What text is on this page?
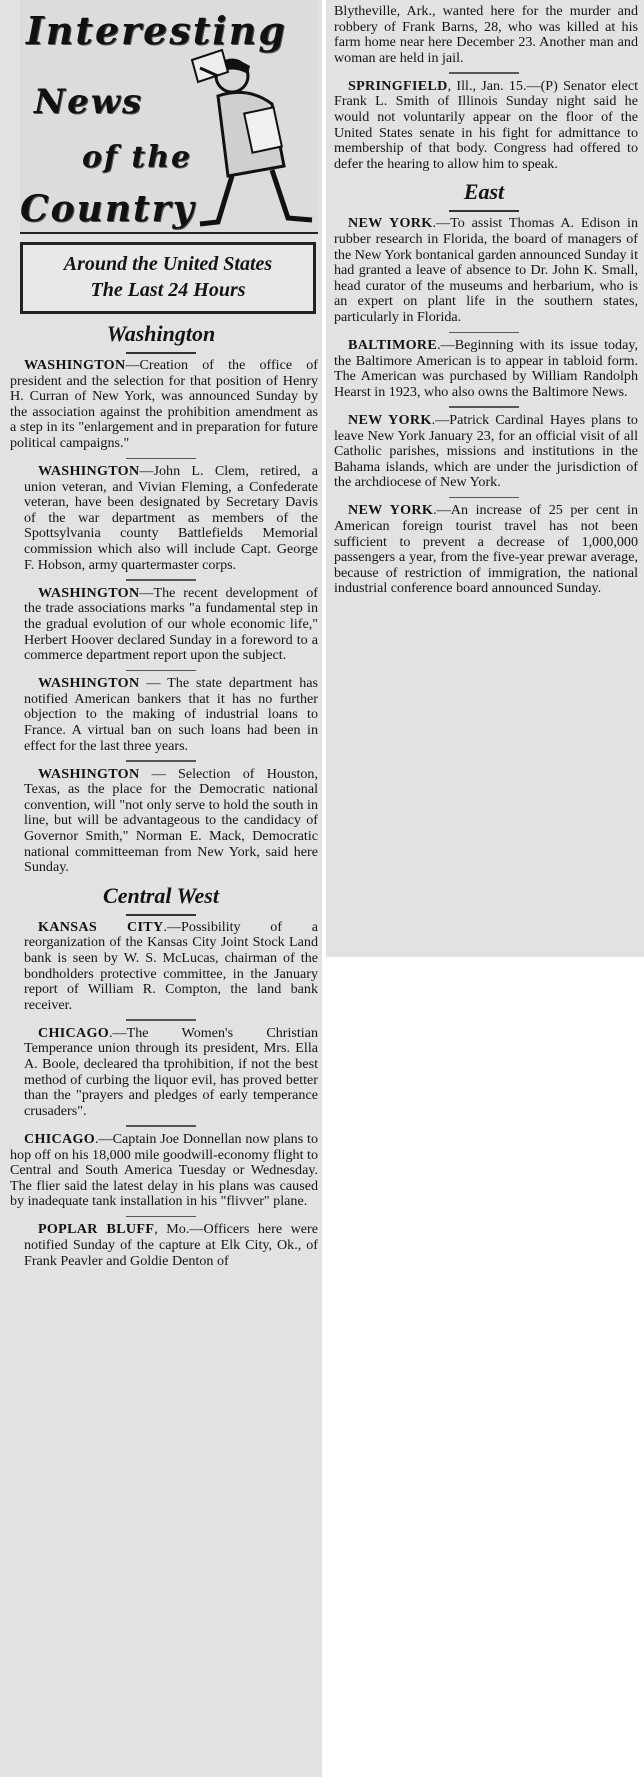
Interesting
News
of the
Country
Around the United States
The Last 24 Hours
Washington

WASHINGTON—Creation of the office of president and the selection for that position of Henry H. Curran of New York, was announced Sunday by the association against the prohibition amendment as a step in its "enlargement and in preparation for future political campaigns."

WASHINGTON—John L. Clem, retired, a union veteran, and Vivian Fleming, a Confederate veteran, have been designated by Secretary Davis of the war department as members of the Spottsylvania county Battlefields Memorial commission which also will include Capt. George F. Hobson, army quartermaster corps.

WASHINGTON—The recent development of the trade associations marks "a fundamental step in the gradual evolution of our whole economic life," Herbert Hoover declared Sunday in a foreword to a commerce department report upon the subject.

WASHINGTON — The state department has notified American bankers that it has no further objection to the making of industrial loans to France. A virtual ban on such loans had been in effect for the last three years.

WASHINGTON — Selection of Houston, Texas, as the place for the Democratic national convention, will "not only serve to hold the south in line, but will be advantageous to the candidacy of Governor Smith," Norman E. Mack, Democratic national committeeman from New York, said here Sunday.

Central West

KANSAS CITY.—Possibility of a reorganization of the Kansas City Joint Stock Land bank is seen by W. S. McLucas, chairman of the bondholders protective committee, in the January report of William R. Compton, the land bank receiver.

CHICAGO.—The Women's Christian Temperance union through its president, Mrs. Ella A. Boole, decleared tha tprohibition, if not the best method of curbing the liquor evil, has proved better than the "prayers and pledges of early temperance crusaders".

CHICAGO.—Captain Joe Donnellan now plans to hop off on his 18,000 mile goodwill-economy flight to Central and South America Tuesday or Wednesday. The flier said the latest delay in his plans was caused by inadequate tank installation in his "flivver" plane.

POPLAR BLUFF, Mo.—Officers here were notified Sunday of the capture at Elk City, Ok., of Frank Peavler and Goldie Denton of

Blytheville, Ark., wanted here for the murder and robbery of Frank Barns, 28, who was killed at his farm home near here December 23. Another man and woman are held in jail.

SPRINGFIELD, Ill., Jan. 15.—(P) Senator elect Frank L. Smith of Illinois Sunday night said he would not voluntarily appear on the floor of the United States senate in his fight for admittance to membership of that body. Congress had offered to defer the hearing to allow him to speak.

East

NEW YORK.—To assist Thomas A. Edison in rubber research in Florida, the board of managers of the New York bontanical garden announced Sunday it had granted a leave of absence to Dr. John K. Small, head curator of the museums and herbarium, who is an expert on plant life in the southern states, particularly in Florida.

BALTIMORE.—Beginning with its issue today, the Baltimore American is to appear in tabloid form. The American was purchased by William Randolph Hearst in 1923, who also owns the Baltimore News.

NEW YORK.—Patrick Cardinal Hayes plans to leave New York January 23, for an official visit of all Catholic parishes, missions and institutions in the Bahama islands, which are under the jurisdiction of the archdiocese of New York.

NEW YORK.—An increase of 25 per cent in American foreign tourist travel has not been sufficient to prevent a decrease of 1,000,000 passengers a year, from the five-year prewar average, because of restriction of immigration, the national industrial conference board announced Sunday.
